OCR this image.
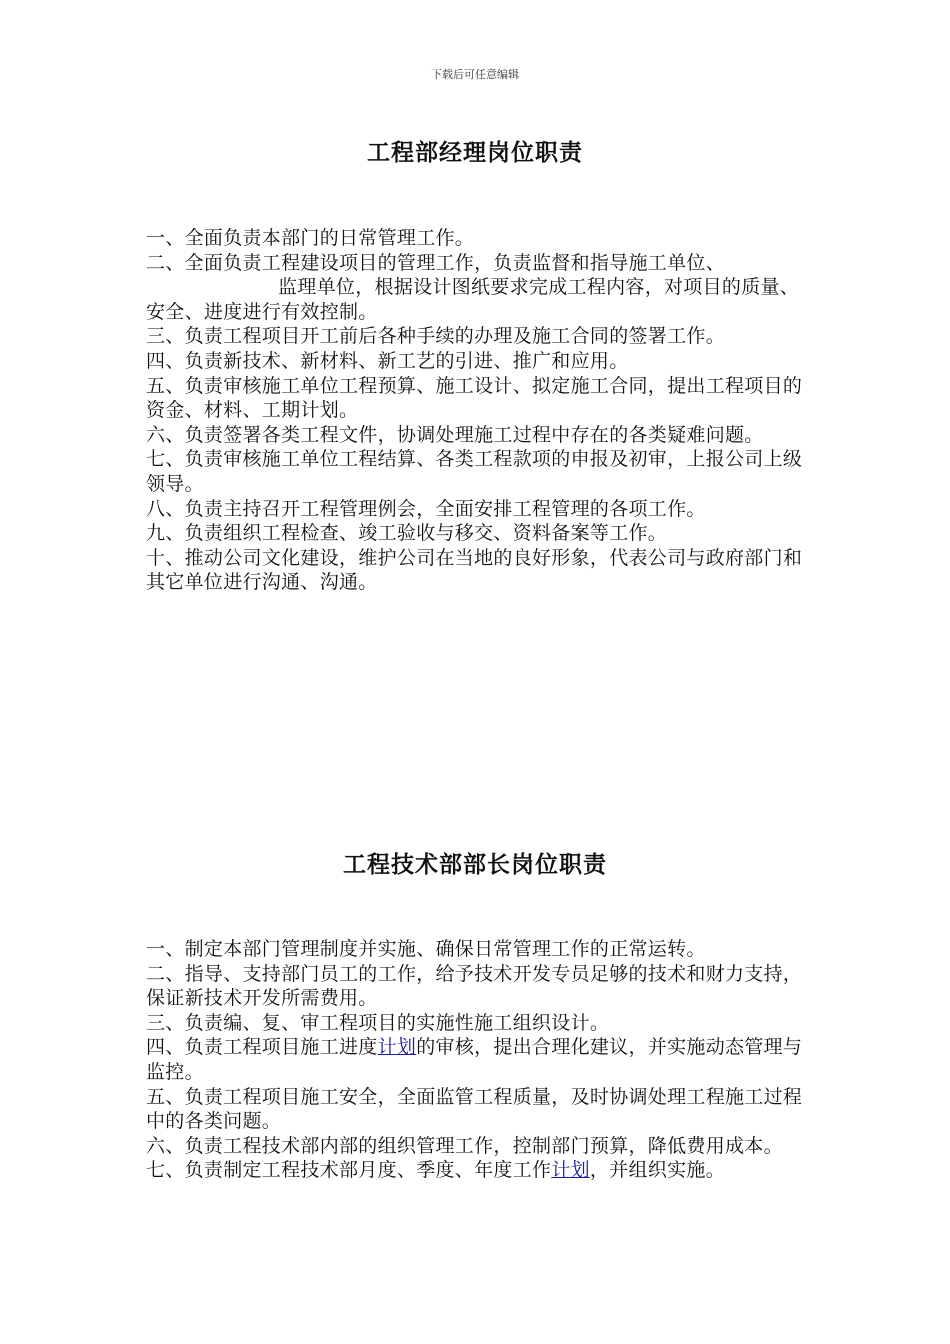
下载后可任意编辑
工程部经理岗位职责

一、全面负责本部门的日常管理工作。

二、全面负责工程建设项目的管理工作，负责监督和指导施工单位、

监理单位，根据设计图纸要求完成工程内容，对项目的质量、安全、进度进行有效控制。

三、负责工程项目开工前后各种手续的办理及施工合同的签署工作。

四、负责新技术、新材料、新工艺的引进、推广和应用。

五、负责审核施工单位工程预算、施工设计、拟定施工合同，提出工程项目的资金、材料、工期计划。

六、负责签署各类工程文件，协调处理施工过程中存在的各类疑难问题。

七、负责审核施工单位工程结算、各类工程款项的申报及初审，上报公司上级领导。

八、负责主持召开工程管理例会，全面安排工程管理的各项工作。

九、负责组织工程检查、竣工验收与移交、资料备案等工作。

十、推动公司文化建设，维护公司在当地的良好形象，代表公司与政府部门和其它单位进行沟通、沟通。

工程技术部部长岗位职责

一、制定本部门管理制度并实施、确保日常管理工作的正常运转。

二、指导、支持部门员工的工作，给予技术开发专员足够的技术和财力支持，保证新技术开发所需费用。

三、负责编、复、审工程项目的实施性施工组织设计。

四、负责工程项目施工进度计划的审核，提出合理化建议，并实施动态管理与监控。

五、负责工程项目施工安全，全面监管工程质量，及时协调处理工程施工过程中的各类问题。

六、负责工程技术部内部的组织管理工作，控制部门预算，降低费用成本。

七、负责制定工程技术部月度、季度、年度工作计划，并组织实施。
